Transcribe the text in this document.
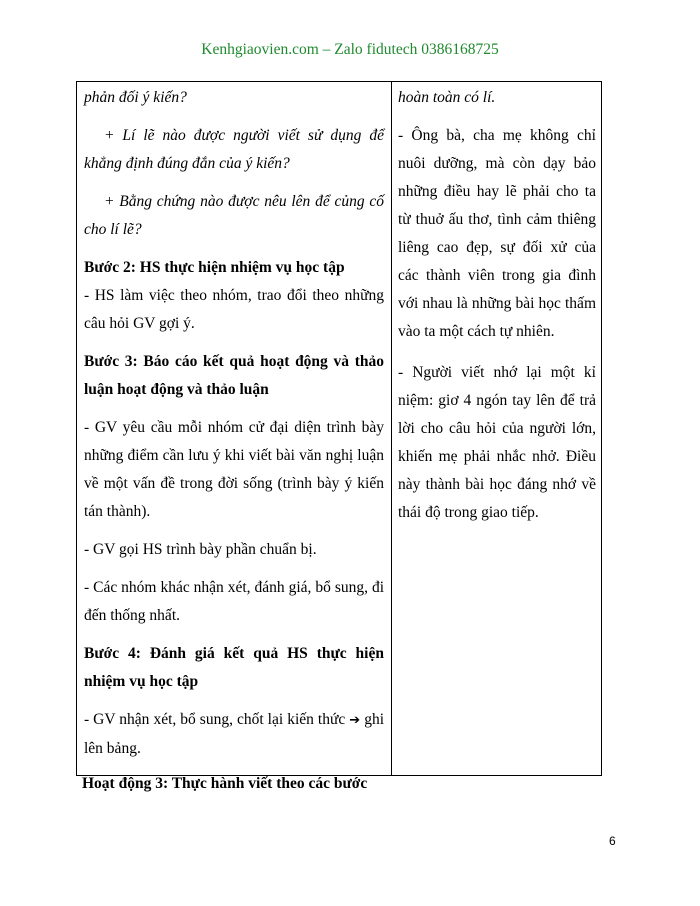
Kenhgiaovien.com – Zalo fidutech 0386168725

phản đối ý kiến?

+ Lí lẽ nào được người viết sử dụng để khẳng định đúng đắn của ý kiến?

+ Bằng chứng nào được nêu lên để củng cố cho lí lẽ?

Bước 2: HS thực hiện nhiệm vụ học tập

- HS làm việc theo nhóm, trao đổi theo những câu hỏi GV gợi ý.

Bước 3: Báo cáo kết quả hoạt động và thảo luận hoạt động và thảo luận

- GV yêu cầu mỗi nhóm cử đại diện trình bày những điểm cần lưu ý khi viết bài văn nghị luận về một vấn đề trong đời sống (trình bày ý kiến tán thành).

- GV gọi HS trình bày phần chuẩn bị.

- Các nhóm khác nhận xét, đánh giá, bổ sung, đi đến thống nhất.

Bước 4: Đánh giá kết quả HS thực hiện nhiệm vụ học tập

- GV nhận xét, bổ sung, chốt lại kiến thức ➔ ghi lên bảng.

hoàn toàn có lí.

- Ông bà, cha mẹ không chỉ nuôi dưỡng, mà còn dạy bảo những điều hay lẽ phải cho ta từ thuở ấu thơ, tình cảm thiêng liêng cao đẹp, sự đối xử của các thành viên trong gia đình với nhau là những bài học thấm vào ta một cách tự nhiên.

- Người viết nhớ lại một kỉ niệm: giơ 4 ngón tay lên để trả lời cho câu hỏi của người lớn, khiến mẹ phải nhắc nhở. Điều này thành bài học đáng nhớ về thái độ trong giao tiếp.

Hoạt động 3: Thực hành viết theo các bước
6
